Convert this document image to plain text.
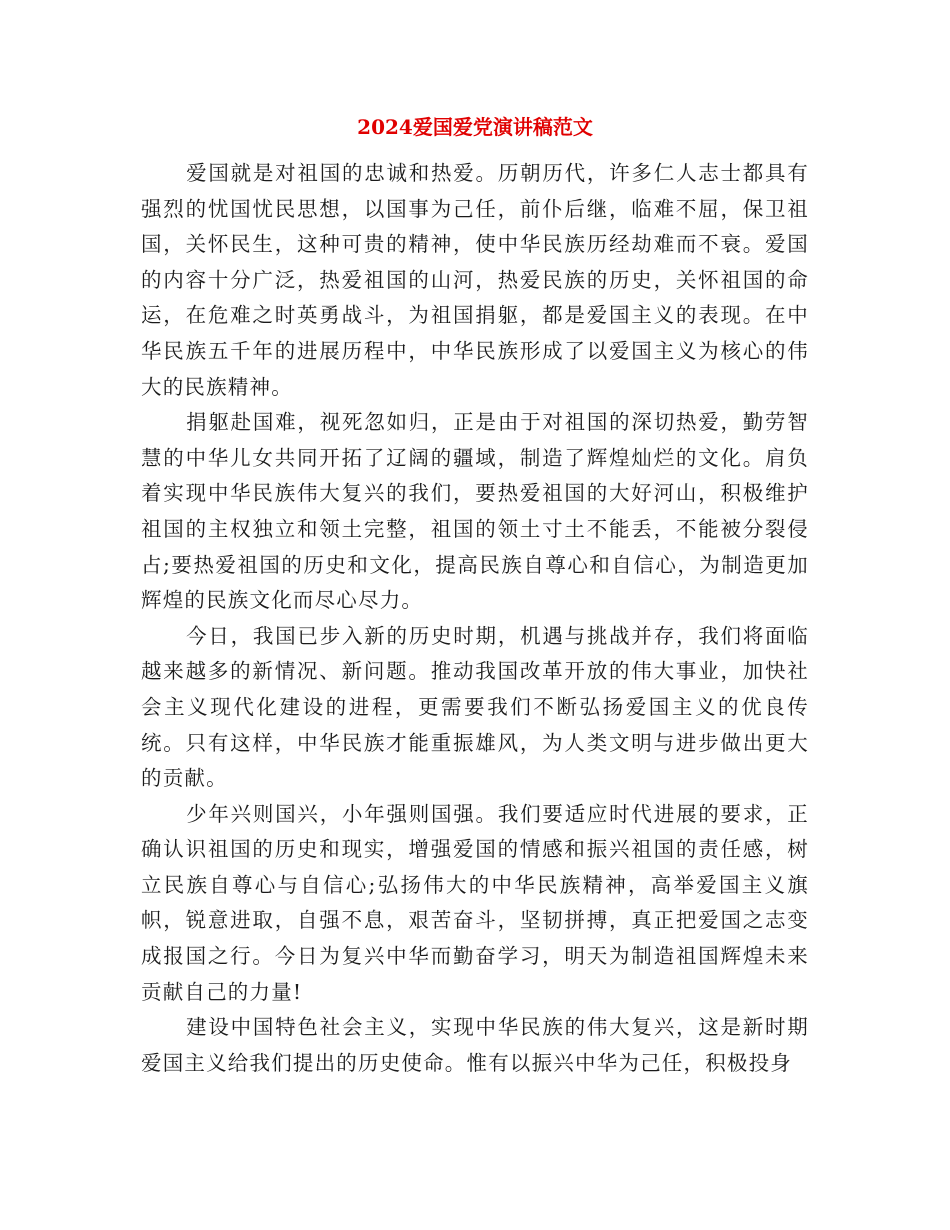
2024爱国爱党演讲稿范文

爱国就是对祖国的忠诚和热爱。历朝历代，许多仁人志士都具有强烈的忧国忧民思想，以国事为己任，前仆后继，临难不屈，保卫祖国，关怀民生，这种可贵的精神，使中华民族历经劫难而不衰。爱国的内容十分广泛，热爱祖国的山河，热爱民族的历史，关怀祖国的命运，在危难之时英勇战斗，为祖国捐躯，都是爱国主义的表现。在中华民族五千年的进展历程中，中华民族形成了以爱国主义为核心的伟大的民族精神。

捐躯赴国难，视死忽如归，正是由于对祖国的深切热爱，勤劳智慧的中华儿女共同开拓了辽阔的疆域，制造了辉煌灿烂的文化。肩负着实现中华民族伟大复兴的我们，要热爱祖国的大好河山，积极维护祖国的主权独立和领土完整，祖国的领土寸土不能丢，不能被分裂侵占;要热爱祖国的历史和文化，提高民族自尊心和自信心，为制造更加辉煌的民族文化而尽心尽力。

今日，我国已步入新的历史时期，机遇与挑战并存，我们将面临越来越多的新情况、新问题。推动我国改革开放的伟大事业，加快社会主义现代化建设的进程，更需要我们不断弘扬爱国主义的优良传统。只有这样，中华民族才能重振雄风，为人类文明与进步做出更大的贡献。

少年兴则国兴，小年强则国强。我们要适应时代进展的要求，正确认识祖国的历史和现实，增强爱国的情感和振兴祖国的责任感，树立民族自尊心与自信心;弘扬伟大的中华民族精神，高举爱国主义旗帜，锐意进取，自强不息，艰苦奋斗，坚韧拼搏，真正把爱国之志变成报国之行。今日为复兴中华而勤奋学习，明天为制造祖国辉煌未来贡献自己的力量!

建设中国特色社会主义，实现中华民族的伟大复兴，这是新时期爱国主义给我们提出的历史使命。惟有以振兴中华为己任，积极投身
